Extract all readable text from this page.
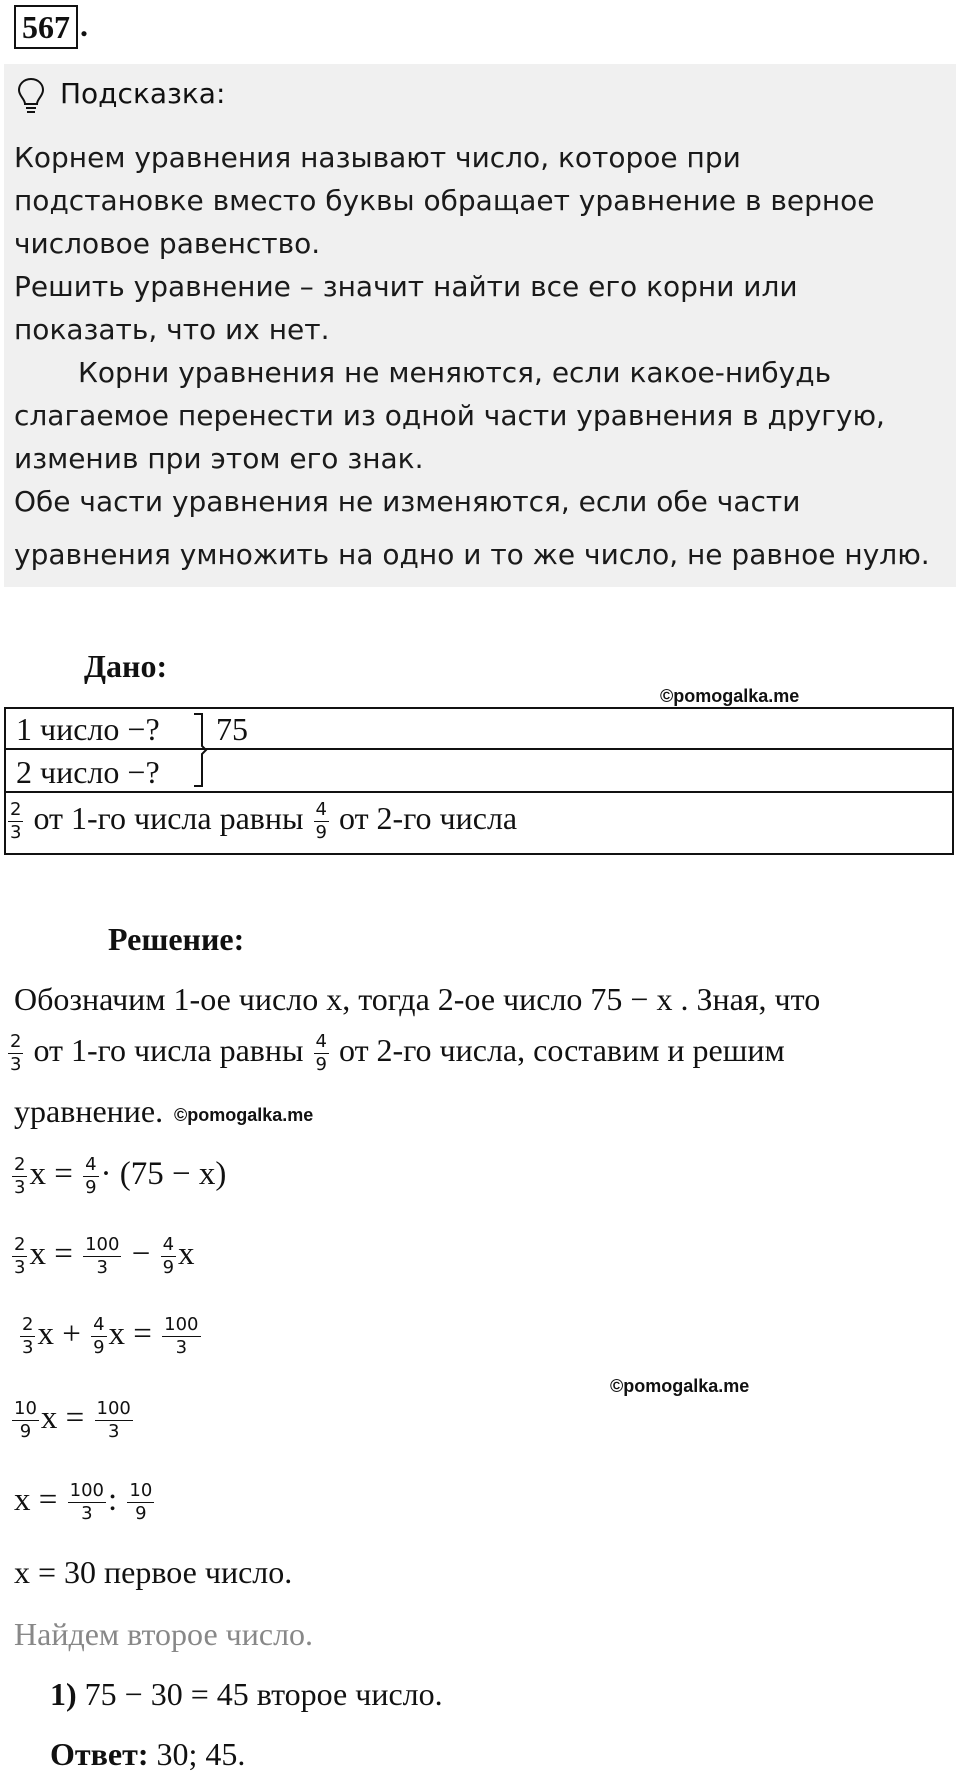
567 .
Подсказка:
Корнем уравнения называют число, которое при
подстановке вместо буквы обращает уравнение в верное
числовое равенство.
Решить уравнение – значит найти все его корни или
показать, что их нет.
Корни уравнения не меняются, если какое-нибудь
слагаемое перенести из одной части уравнения в другую,
изменив при этом его знак.
Обе части уравнения не изменяются, если обе части
уравнения умножить на одно и то же число, не равное нулю.
Дано:
©pomogalka.me
1 число −?
2 число −?
75
$\frac{2}{3}$ от 1-го числа равны $\frac{4}{9}$ от 2-го числа
Решение:
Обозначим 1-ое число x, тогда 2-ое число 75 − x . Зная, что
$\frac{2}{3}$ от 1-го числа равны $\frac{4}{9}$ от 2-го числа, составим и решим
уравнение. ©pomogalka.me
$\frac{2}{3}$ $x = \frac{4}{9} \cdot (75 - x)$
$\frac{2}{3}$ $x = \frac{100}{3} - \frac{4}{9}$ x
$\frac{2}{3}$ $x + \frac{4}{9}$ $x = \frac{100}{3}$
©pomogalka.me
$\frac{10}{9}$ $x = \frac{100}{3}$
$x = \frac{100}{3}$ : $\frac{10}{9}$
x = 30 первое число.
Найдем второе число.
1) 75 − 30 = 45 второе число.
Ответ: 30; 45.
